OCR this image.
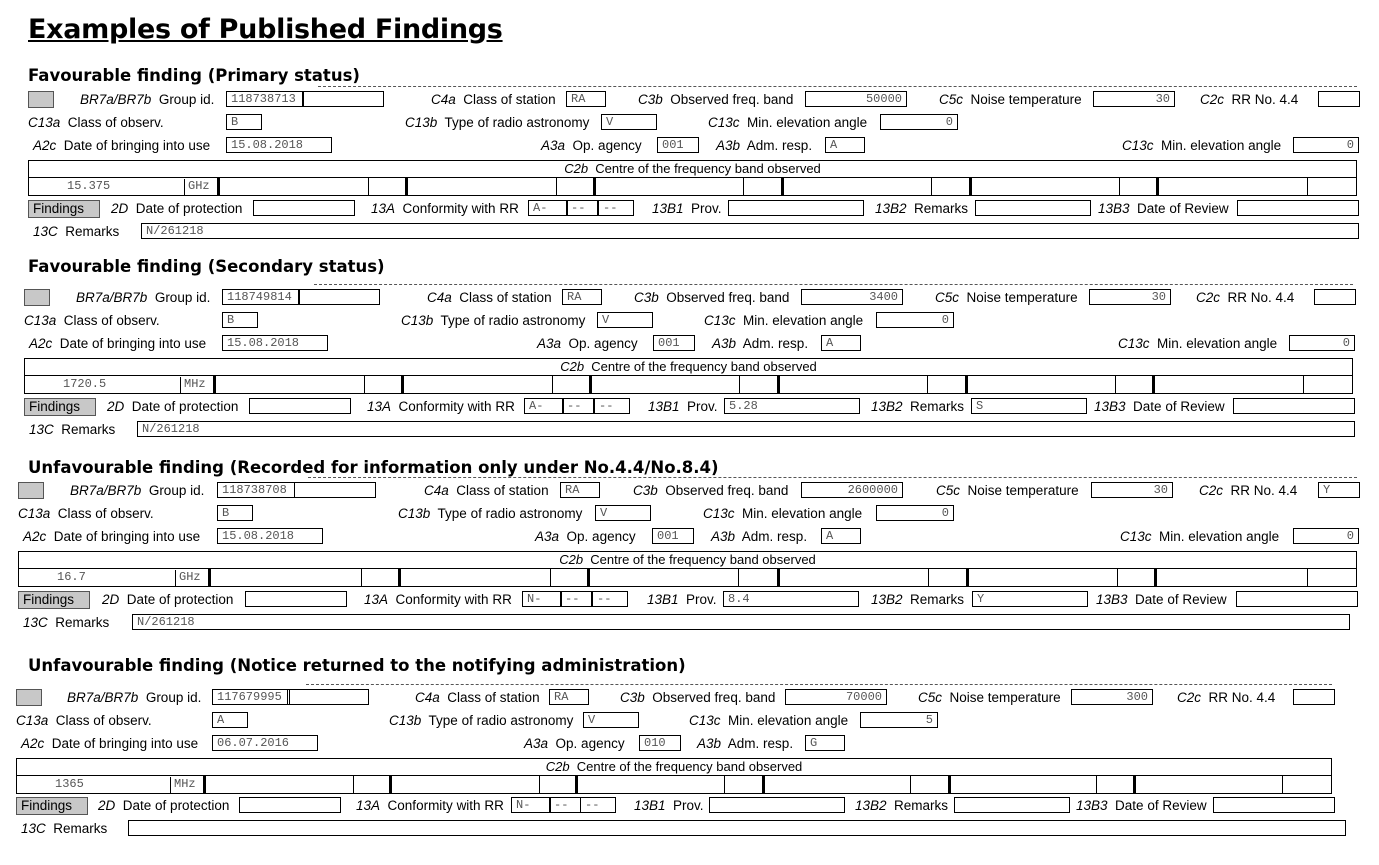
Examples of Published Findings
Favourable finding (Primary status)
BR7a/BR7b Group id.	118738713	C4a Class of station	RA	C3b Observed freq. band	50000	C5c Noise temperature	30	C2c RR No. 4.4
C13a Class of observ.	B	C13b Type of radio astronomy	V	C13c Min. elevation angle	0
A2c Date of bringing into use	15.08.2018	A3a Op. agency	001	A3b Adm. resp.	A	C13c Min. elevation angle	0
C2b Centre of the frequency band observed
15.375	GHz
Findings	2D Date of protection	13A Conformity with RR	A-	--	--	13B1 Prov.	13B2 Remarks	13B3 Date of Review
13C Remarks	N/261218
Favourable finding (Secondary status)
BR7a/BR7b Group id.	118749814	C4a Class of station	RA	C3b Observed freq. band	3400	C5c Noise temperature	30	C2c RR No. 4.4
C13a Class of observ.	B	C13b Type of radio astronomy	V	C13c Min. elevation angle	0
A2c Date of bringing into use	15.08.2018	A3a Op. agency	001	A3b Adm. resp.	A	C13c Min. elevation angle	0
C2b Centre of the frequency band observed
1720.5	MHz
Findings	2D Date of protection	13A Conformity with RR	A-	--	--	13B1 Prov. 5.28	13B2 Remarks S	13B3 Date of Review
13C Remarks	N/261218
Unfavourable finding (Recorded for information only under No.4.4/No.8.4)
BR7a/BR7b Group id.	118738708	C4a Class of station	RA	C3b Observed freq. band	2600000	C5c Noise temperature	30	C2c RR No. 4.4	Y
C13a Class of observ.	B	C13b Type of radio astronomy	V	C13c Min. elevation angle	0
A2c Date of bringing into use	15.08.2018	A3a Op. agency	001	A3b Adm. resp.	A	C13c Min. elevation angle	0
C2b Centre of the frequency band observed
16.7	GHz
Findings	2D Date of protection	13A Conformity with RR	N-	--	--	13B1 Prov. 8.4	13B2 Remarks	Y	13B3 Date of Review
13C Remarks	N/261218
Unfavourable finding (Notice returned to the notifying administration)
BR7a/BR7b Group id.	117679995	C4a Class of station	RA	C3b Observed freq. band	70000	C5c Noise temperature	300	C2c RR No. 4.4
C13a Class of observ.	A	C13b Type of radio astronomy	V	C13c Min. elevation angle	5
A2c Date of bringing into use	06.07.2016	A3a Op. agency	010	A3b Adm. resp.	G
C2b Centre of the frequency band observed
1365	MHz
Findings	2D Date of protection	13A Conformity with RR	N-	--	--	13B1 Prov.	13B2 Remarks	13B3 Date of Review
13C Remarks
